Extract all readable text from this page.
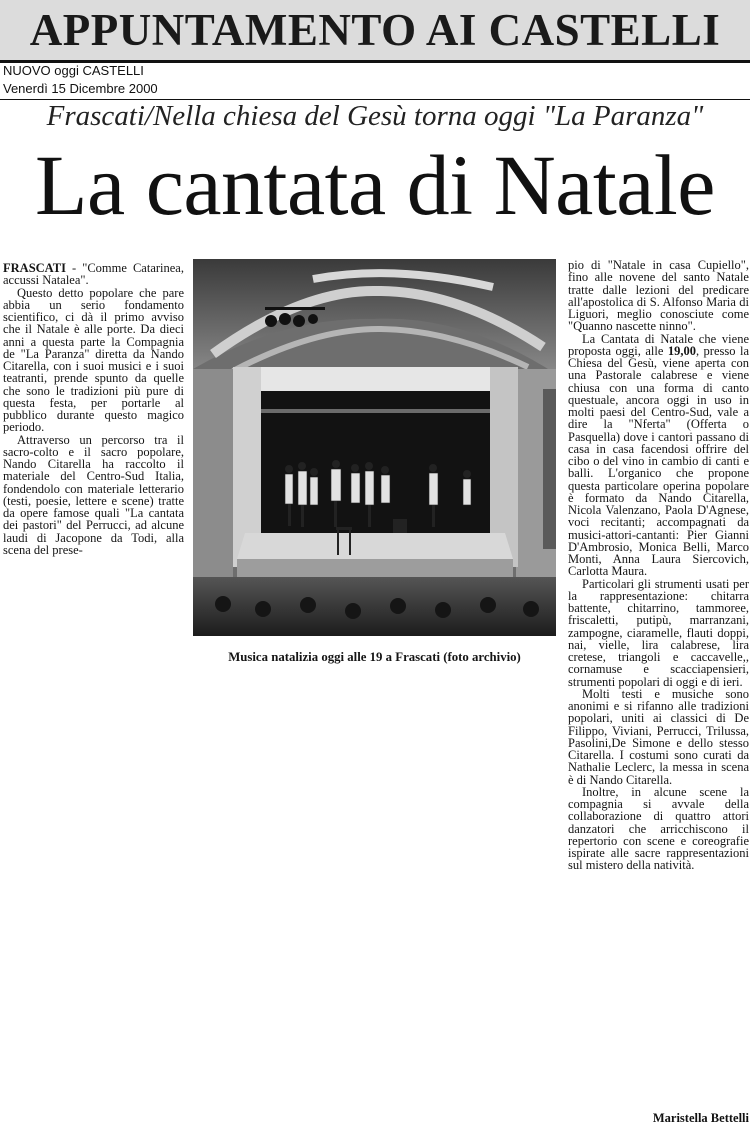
APPUNTAMENTO AI CASTELLI
NUOVO oggi CASTELLI
Venerdì 15 Dicembre 2000
Frascati/Nella chiesa del Gesù torna oggi "La Paranza"
La cantata di Natale

FRASCATI - "Comme Catarinea, accussi Natalea".

Questo detto popolare che pare abbia un serio fondamento scientifico, ci dà il primo avviso che il Natale è alle porte. Da dieci anni a questa parte la Compagnia de "La Paranza" diretta da Nando Citarella, con i suoi musici e i suoi teatranti, prende spunto da quelle che sono le tradizioni più pure di questa festa, per portarle al pubblico durante questo magico periodo.

Attraverso un percorso tra il sacro-colto e il sacro popolare, Nando Citarella ha raccolto il materiale del Centro-Sud Italia, fondendolo con materiale letterario (testi, poesie, lettere e scene) tratte da opere famose quali "La cantata dei pastori" del Perrucci, ad alcune laudi di Jacopone da Todi, alla scena del prese-

Musica natalizia oggi alle 19 a Frascati (foto archivio)

pio di "Natale in casa Cupiello", fino alle novene del santo Natale tratte dalle lezioni del predicare all'apostolica di S. Alfonso Maria di Liguori, meglio conosciute come "Quanno nascette ninno".

La Cantata di Natale che viene proposta oggi, alle 19,00, presso la Chiesa del Gesù, viene aperta con una Pastorale calabrese e viene chiusa con una forma di canto questuale, ancora oggi in uso in molti paesi del Centro-Sud, vale a dire la "Nferta" (Offerta o Pasquella) dove i cantori passano di casa in casa facendosi offrire del cibo o del vino in cambio di canti e balli. L'organico che propone questa particolare operina popolare è formato da Nando Citarella, Nicola Valenzano, Paola D'Agnese, voci recitanti; accompagnati da musici-attori-cantanti: Pier Gianni D'Ambrosio, Monica Belli, Marco Monti, Anna Laura Siercovich, Carlotta Maura.

Particolari gli strumenti usati per la rappresentazione: chitarra battente, chitarrino, tammoree, friscaletti, putipù, marranzani, zampogne, ciaramelle, flauti doppi, nai, vielle, lira calabrese, lira cretese, triangoli e caccavelle,, cornamuse e scacciapensieri, strumenti popolari di oggi e di ieri.

Molti testi e musiche sono anonimi e si rifanno alle tradizioni popolari, uniti ai classici di De Filippo, Viviani, Perrucci, Trilussa, Pasolini,De Simone e dello stesso Citarella. I costumi sono curati da Nathalie Leclerc, la messa in scena è di Nando Citarella.

Inoltre, in alcune scene la compagnia si avvale della collaborazione di quattro attori danzatori che arricchiscono il repertorio con scene e coreografie ispirate alle sacre rappresentazioni sul mistero della natività.

Maristella Bettelli
